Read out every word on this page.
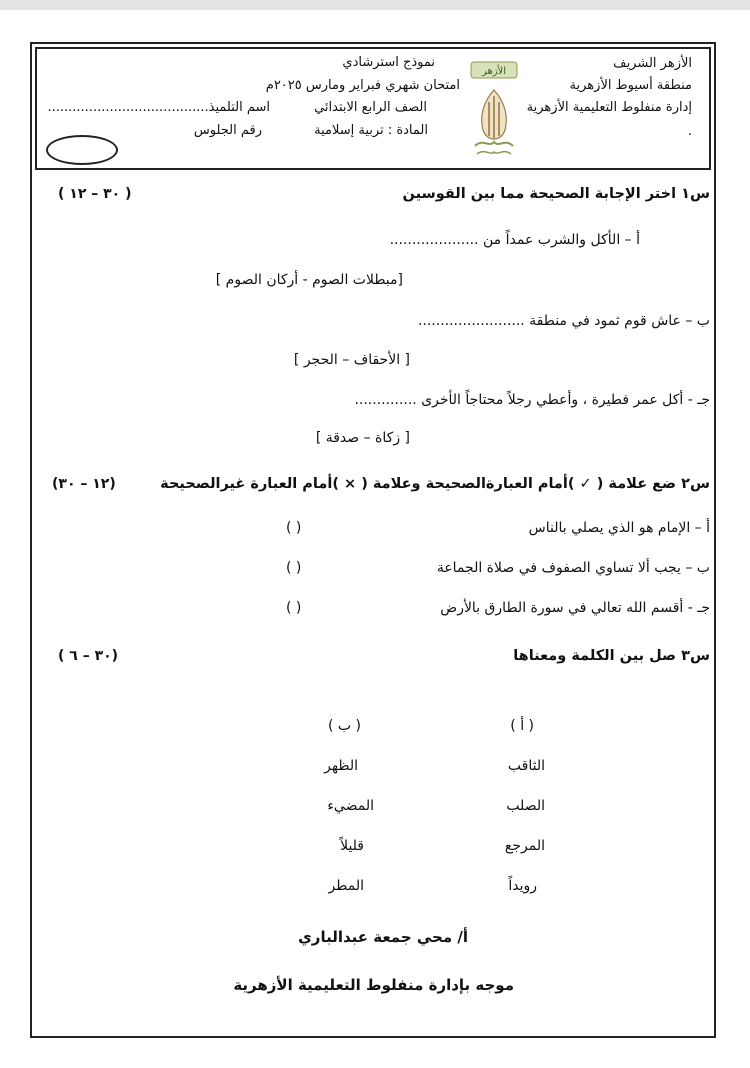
الأزهر الشريف
منطقة أسيوط الأزهرية
إدارة منفلوط التعليمية الأزهرية
.
الأزهر
نموذج استرشادي
امتحان شهري فبراير ومارس ٢٠٢٥م
الصف الرابع الابتدائي
المادة : تربية إسلامية
اسم التلميذ.......................................
رقم الجلوس
س١ اختر الإجابة الصحيحة مما بين القوسين
( ٣٠ – ١٢ )
أ – الأكل والشرب عمداً من ....................
[مبطلات الصوم - أركان الصوم ]
ب – عاش قوم ثمود في منطقة ........................
[ الأحقاف – الحجر ]
جـ - أكل عمر فطيرة ، وأعطي رجلاً محتاجاً الأخرى ..............
[ زكاة – صدقة ]
س٢ ضع علامة ( ✓ )أمام العبارةالصحيحة وعلامة ( × )أمام العبارة غيرالصحيحة
(١٢ – ٣٠)
أ – الإمام هو الذي يصلي بالناس
( )
ب – يجب ألا تساوي الصفوف في صلاة الجماعة
( )
جـ - أقسم الله تعالي في سورة الطارق بالأرض
( )
س٣ صل بين الكلمة ومعناها
( ٣٠ – ٦)
( أ )
( ب )
الثاقب
الصلب
المرجع
رويداً
الظهر
المضيء
قليلاً
المطر
أ/ محي جمعة عبدالباري
موجه بإدارة منفلوط التعليمية الأزهرية
